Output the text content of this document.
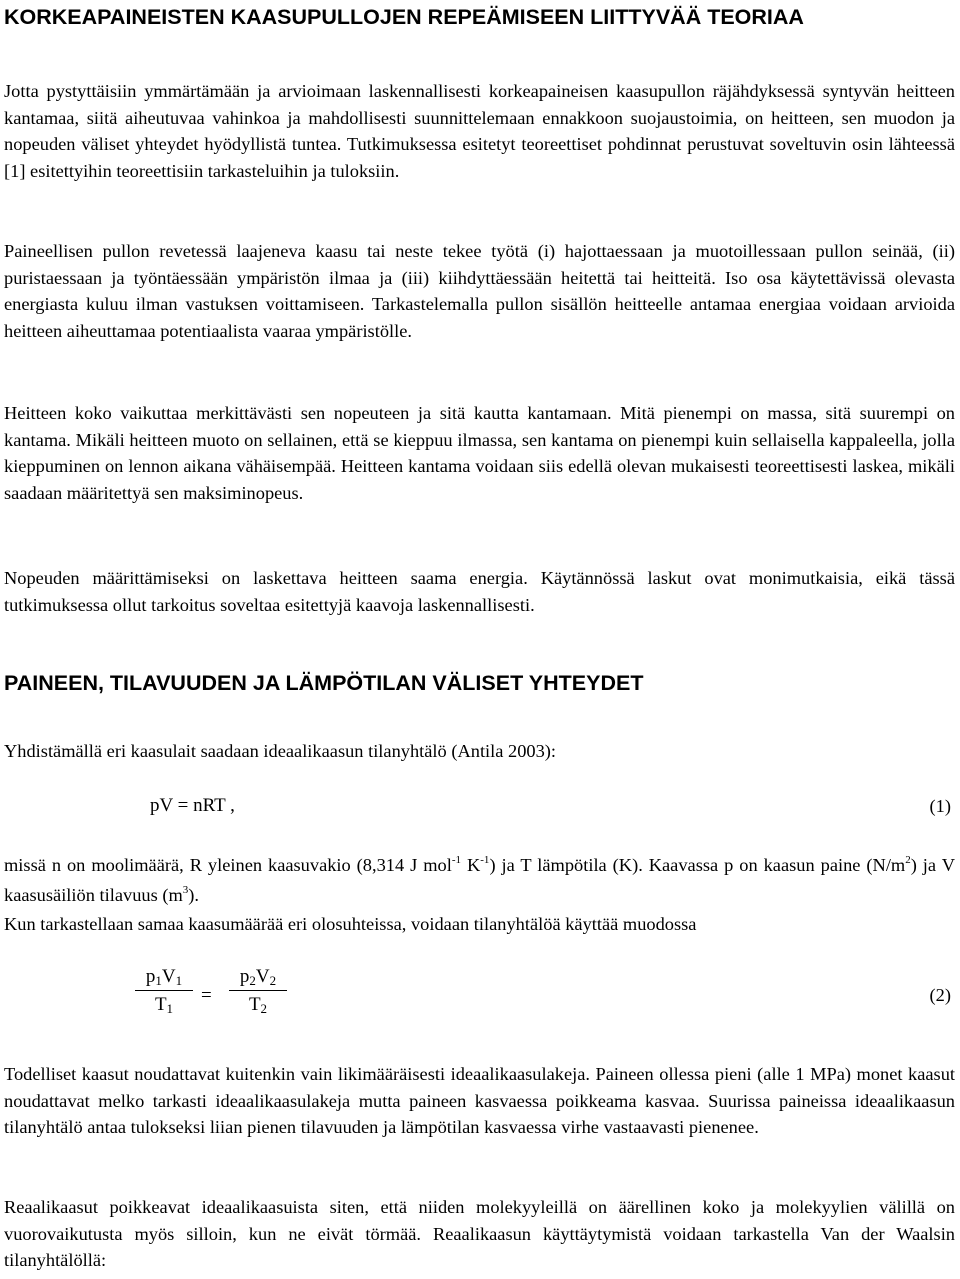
KORKEAPAINEISTEN KAASUPULLOJEN REPEÄMISEEN LIITTYVÄÄ TEORIAA

Jotta pystyttäisiin ymmärtämään ja arvioimaan laskennallisesti korkeapaineisen kaasupullon räjähdyksessä syntyvän heitteen kantamaa, siitä aiheutuvaa vahinkoa ja mahdollisesti suunnittelemaan ennakkoon suojaustoimia, on heitteen, sen muodon ja nopeuden väliset yhteydet hyödyllistä tuntea. Tutkimuksessa esitetyt teoreettiset pohdinnat perustuvat soveltuvin osin lähteessä [1] esitettyihin teoreettisiin tarkasteluihin ja tuloksiin.

Paineellisen pullon revetessä laajeneva kaasu tai neste tekee työtä (i) hajottaessaan ja muotoillessaan pullon seinää, (ii) puristaessaan ja työntäessään ympäristön ilmaa ja (iii) kiihdyttäessään heitettä tai heitteitä. Iso osa käytettävissä olevasta energiasta kuluu ilman vastuksen voittamiseen. Tarkastelemalla pullon sisällön heitteelle antamaa energiaa voidaan arvioida heitteen aiheuttamaa potentiaalista vaaraa ympäristölle.

Heitteen koko vaikuttaa merkittävästi sen nopeuteen ja sitä kautta kantamaan. Mitä pienempi on massa, sitä suurempi on kantama. Mikäli heitteen muoto on sellainen, että se kieppuu ilmassa, sen kantama on pienempi kuin sellaisella kappaleella, jolla kieppuminen on lennon aikana vähäisempää. Heitteen kantama voidaan siis edellä olevan mukaisesti teoreettisesti laskea, mikäli saadaan määritettyä sen maksiminopeus.

Nopeuden määrittämiseksi on laskettava heitteen saama energia. Käytännössä laskut ovat monimutkaisia, eikä tässä tutkimuksessa ollut tarkoitus soveltaa esitettyjä kaavoja laskennallisesti.

PAINEEN, TILAVUUDEN JA LÄMPÖTILAN VÄLISET YHTEYDET

Yhdistämällä eri kaasulait saadaan ideaalikaasun tilanyhtälö (Antila 2003):

pV = nRT ,	(1)

missä n on moolimäärä, R yleinen kaasuvakio (8,314 J mol$^{-1}$ $K^{-1}$) ja T lämpötila (K). Kaavassa p on kaasun paine $(N/m^2)$ ja V kaasusäiliön tilavuus $(m^3)$.
Kun tarkastellaan samaa kaasumäärää eri olosuhteissa, voidaan tilanyhtälöä käyttää muodossa

p1V1
T1
=
p2V2
T2
(2)

Todelliset kaasut noudattavat kuitenkin vain likimääräisesti ideaalikaasulakeja. Paineen ollessa pieni (alle 1 MPa) monet kaasut noudattavat melko tarkasti ideaalikaasulakeja mutta paineen kasvaessa poikkeama kasvaa. Suurissa paineissa ideaalikaasun tilanyhtälö antaa tulokseksi liian pienen tilavuuden ja lämpötilan kasvaessa virhe vastaavasti pienenee.

Reaalikaasut poikkeavat ideaalikaasuista siten, että niiden molekyyleillä on äärellinen koko ja molekyylien välillä on vuorovaikutusta myös silloin, kun ne eivät törmää. Reaalikaasun käyttäytymistä voidaan tarkastella Van der Waalsin tilanyhtälöllä:
